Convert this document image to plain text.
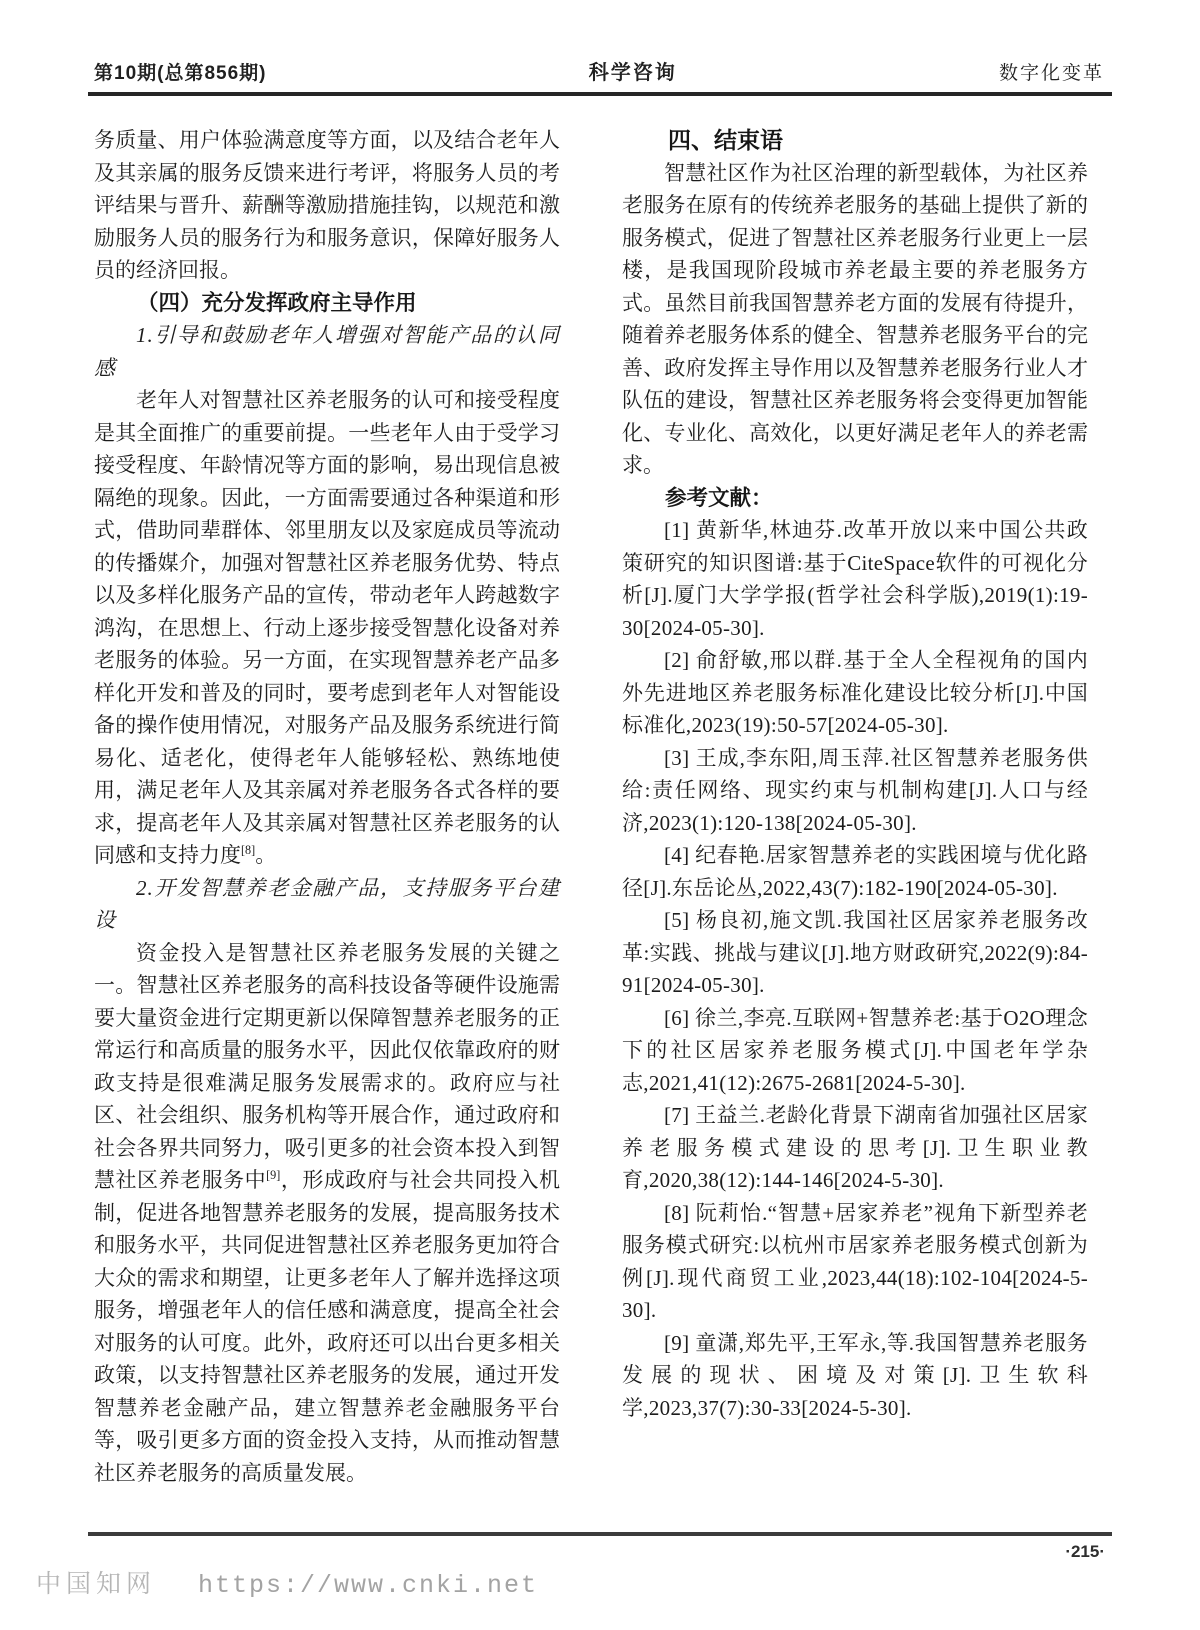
第10期(总第856期)	科学咨询	数字化变革

务质量、用户体验满意度等方面，以及结合老年人及其亲属的服务反馈来进行考评，将服务人员的考评结果与晋升、薪酬等激励措施挂钩，以规范和激励服务人员的服务行为和服务意识，保障好服务人员的经济回报。

（四）充分发挥政府主导作用

1.引导和鼓励老年人增强对智能产品的认同感

老年人对智慧社区养老服务的认可和接受程度是其全面推广的重要前提。一些老年人由于受学习接受程度、年龄情况等方面的影响，易出现信息被隔绝的现象。因此，一方面需要通过各种渠道和形式，借助同辈群体、邻里朋友以及家庭成员等流动的传播媒介，加强对智慧社区养老服务优势、特点以及多样化服务产品的宣传，带动老年人跨越数字鸿沟，在思想上、行动上逐步接受智慧化设备对养老服务的体验。另一方面，在实现智慧养老产品多样化开发和普及的同时，要考虑到老年人对智能设备的操作使用情况，对服务产品及服务系统进行简易化、适老化，使得老年人能够轻松、熟练地使用，满足老年人及其亲属对养老服务各式各样的要求，提高老年人及其亲属对智慧社区养老服务的认同感和支持力度[8]。

2.开发智慧养老金融产品，支持服务平台建设

资金投入是智慧社区养老服务发展的关键之一。智慧社区养老服务的高科技设备等硬件设施需要大量资金进行定期更新以保障智慧养老服务的正常运行和高质量的服务水平，因此仅依靠政府的财政支持是很难满足服务发展需求的。政府应与社区、社会组织、服务机构等开展合作，通过政府和社会各界共同努力，吸引更多的社会资本投入到智慧社区养老服务中[9]，形成政府与社会共同投入机制，促进各地智慧养老服务的发展，提高服务技术和服务水平，共同促进智慧社区养老服务更加符合大众的需求和期望，让更多老年人了解并选择这项服务，增强老年人的信任感和满意度，提高全社会对服务的认可度。此外，政府还可以出台更多相关政策，以支持智慧社区养老服务的发展，通过开发智慧养老金融产品，建立智慧养老金融服务平台等，吸引更多方面的资金投入支持，从而推动智慧社区养老服务的高质量发展。

四、结束语

智慧社区作为社区治理的新型载体，为社区养老服务在原有的传统养老服务的基础上提供了新的服务模式，促进了智慧社区养老服务行业更上一层楼，是我国现阶段城市养老最主要的养老服务方式。虽然目前我国智慧养老方面的发展有待提升，随着养老服务体系的健全、智慧养老服务平台的完善、政府发挥主导作用以及智慧养老服务行业人才队伍的建设，智慧社区养老服务将会变得更加智能化、专业化、高效化，以更好满足老年人的养老需求。

参考文献：

[1] 黄新华,林迪芬.改革开放以来中国公共政策研究的知识图谱:基于CiteSpace软件的可视化分析[J].厦门大学学报(哲学社会科学版),2019(1):19-30[2024-05-30].

[2] 俞舒敏,邢以群.基于全人全程视角的国内外先进地区养老服务标准化建设比较分析[J].中国标准化,2023(19):50-57[2024-05-30].

[3] 王成,李东阳,周玉萍.社区智慧养老服务供给:责任网络、现实约束与机制构建[J].人口与经济,2023(1):120-138[2024-05-30].

[4] 纪春艳.居家智慧养老的实践困境与优化路径[J].东岳论丛,2022,43(7):182-190[2024-05-30].

[5] 杨良初,施文凯.我国社区居家养老服务改革:实践、挑战与建议[J].地方财政研究,2022(9):84-91[2024-05-30].

[6] 徐兰,李亮.互联网+智慧养老:基于O2O理念下的社区居家养老服务模式[J].中国老年学杂志,2021,41(12):2675-2681[2024-5-30].

[7] 王益兰.老龄化背景下湖南省加强社区居家养老服务模式建设的思考[J].卫生职业教育,2020,38(12):144-146[2024-5-30].

[8] 阮莉怡.“智慧+居家养老”视角下新型养老服务模式研究:以杭州市居家养老服务模式创新为例[J].现代商贸工业,2023,44(18):102-104[2024-5-30].

[9] 童潇,郑先平,王军永,等.我国智慧养老服务发展的现状、困境及对策[J].卫生软科学,2023,37(7):30-33[2024-5-30].

·215·
中国知网 https://www.cnki.net
